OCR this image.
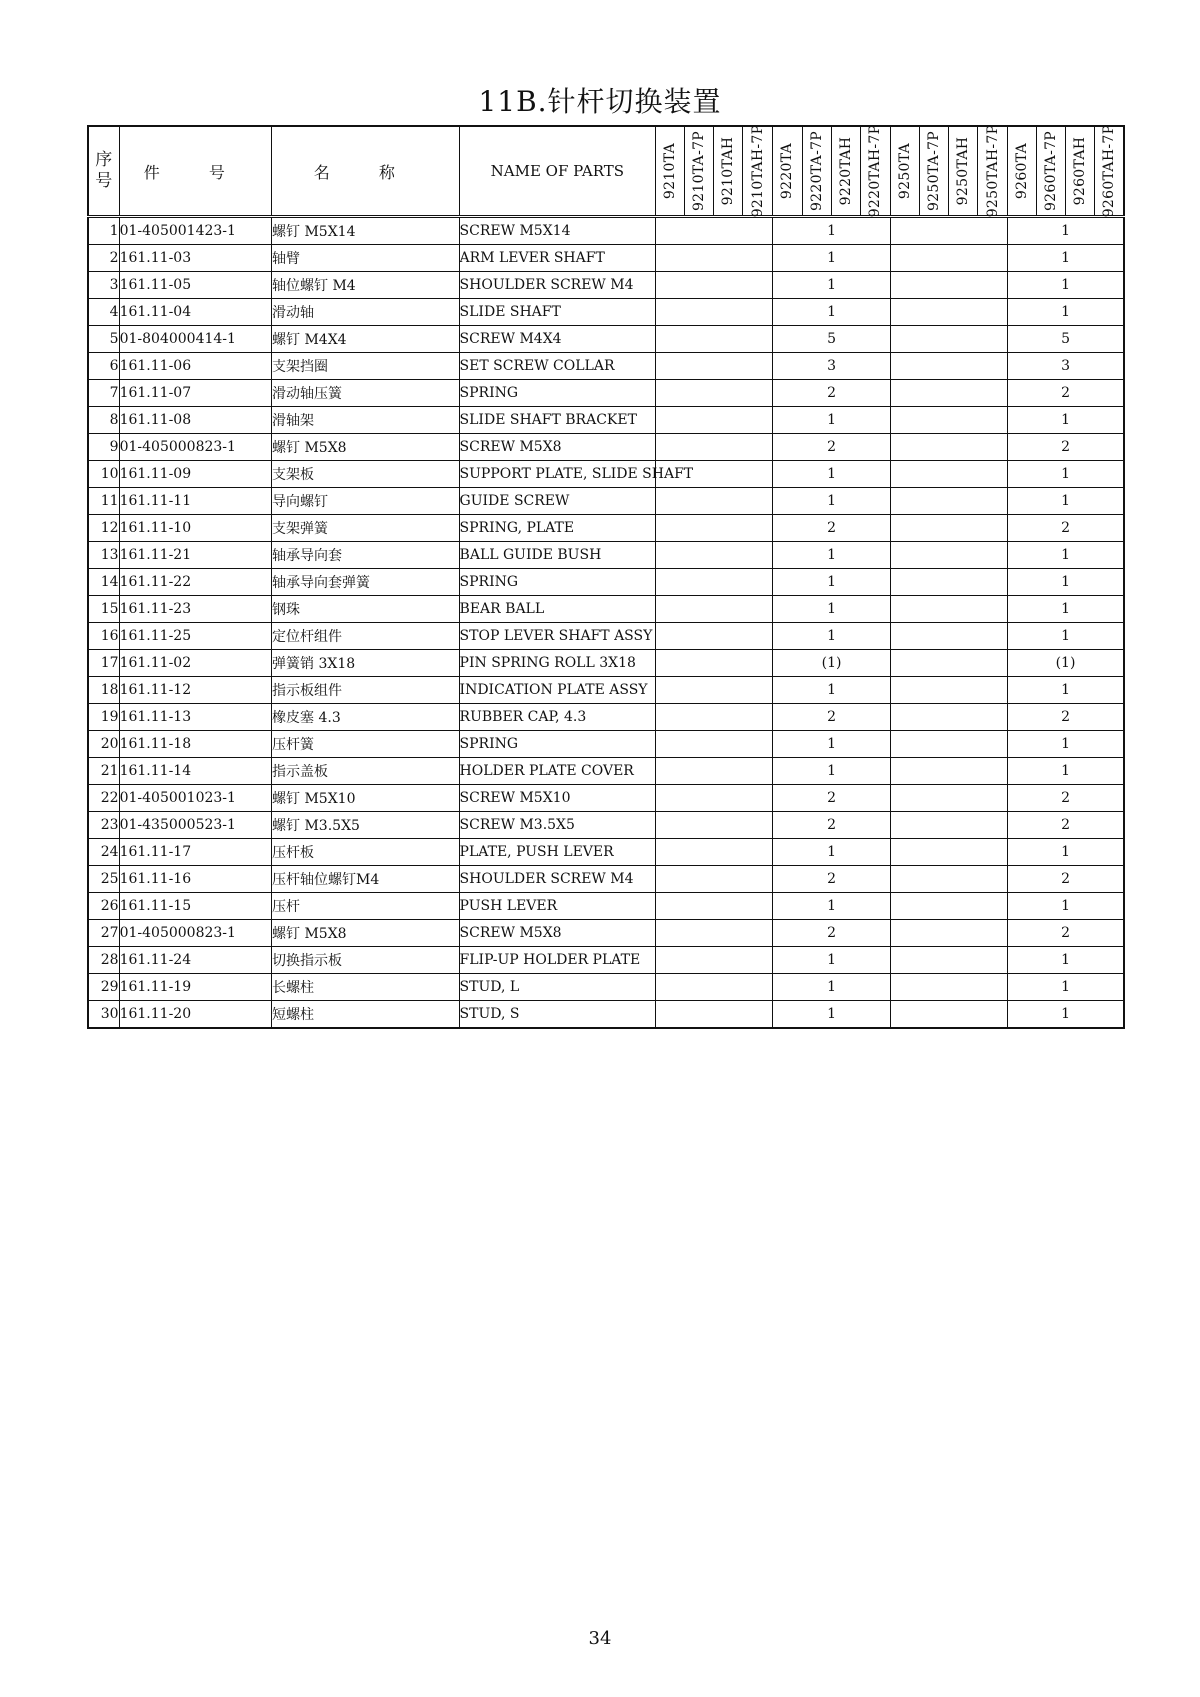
11B.针杆切换装置
序号	件 号	名 称	NAME OF PARTS	9210TA	9210TA-7P	9210TAH	9210TAH-7P	9220TA	9220TA-7P	9220TAH	9220TAH-7P	9250TA	9250TA-7P	9250TAH	9250TAH-7P	9260TA	9260TA-7P	9260TAH	9260TAH-7P

1	01-405001423-1	螺钉 M5X14	SCREW M5X14					1								1			
2	161.11-03	轴臂	ARM LEVER SHAFT					1								1			
3	161.11-05	轴位螺钉 M4	SHOULDER SCREW M4					1								1			
4	161.11-04	滑动轴	SLIDE SHAFT					1								1			
5	01-804000414-1	螺钉 M4X4	SCREW M4X4					5								5			
6	161.11-06	支架挡圈	SET SCREW COLLAR					3								3			
7	161.11-07	滑动轴压簧	SPRING					2								2			
8	161.11-08	滑轴架	SLIDE SHAFT BRACKET					1								1			
9	01-405000823-1	螺钉 M5X8	SCREW M5X8					2								2			
10	161.11-09	支架板	SUPPORT PLATE, SLIDE SHAFT					1								1			
11	161.11-11	导向螺钉	GUIDE SCREW					1								1			
12	161.11-10	支架弹簧	SPRING, PLATE					2								2			
13	161.11-21	轴承导向套	BALL GUIDE BUSH					1								1			
14	161.11-22	轴承导向套弹簧	SPRING					1								1			
15	161.11-23	钢珠	BEAR BALL					1								1			
16	161.11-25	定位杆组件	STOP LEVER SHAFT ASSY					1								1			
17	161.11-02	弹簧销 3X18	PIN SPRING ROLL 3X18					(1)								(1)			
18	161.11-12	指示板组件	INDICATION PLATE ASSY					1								1			
19	161.11-13	橡皮塞 4.3	RUBBER CAP, 4.3					2								2			
20	161.11-18	压杆簧	SPRING					1								1			
21	161.11-14	指示盖板	HOLDER PLATE COVER					1								1			
22	01-405001023-1	螺钉 M5X10	SCREW M5X10					2								2			
23	01-435000523-1	螺钉 M3.5X5	SCREW M3.5X5					2								2			
24	161.11-17	压杆板	PLATE, PUSH LEVER					1								1			
25	161.11-16	压杆轴位螺钉M4	SHOULDER SCREW M4					2								2			
26	161.11-15	压杆	PUSH LEVER					1								1			
27	01-405000823-1	螺钉 M5X8	SCREW M5X8					2								2			
28	161.11-24	切换指示板	FLIP-UP HOLDER PLATE					1								1			
29	161.11-19	长螺柱	STUD, L					1								1			
30	161.11-20	短螺柱	STUD, S					1								1			
34
